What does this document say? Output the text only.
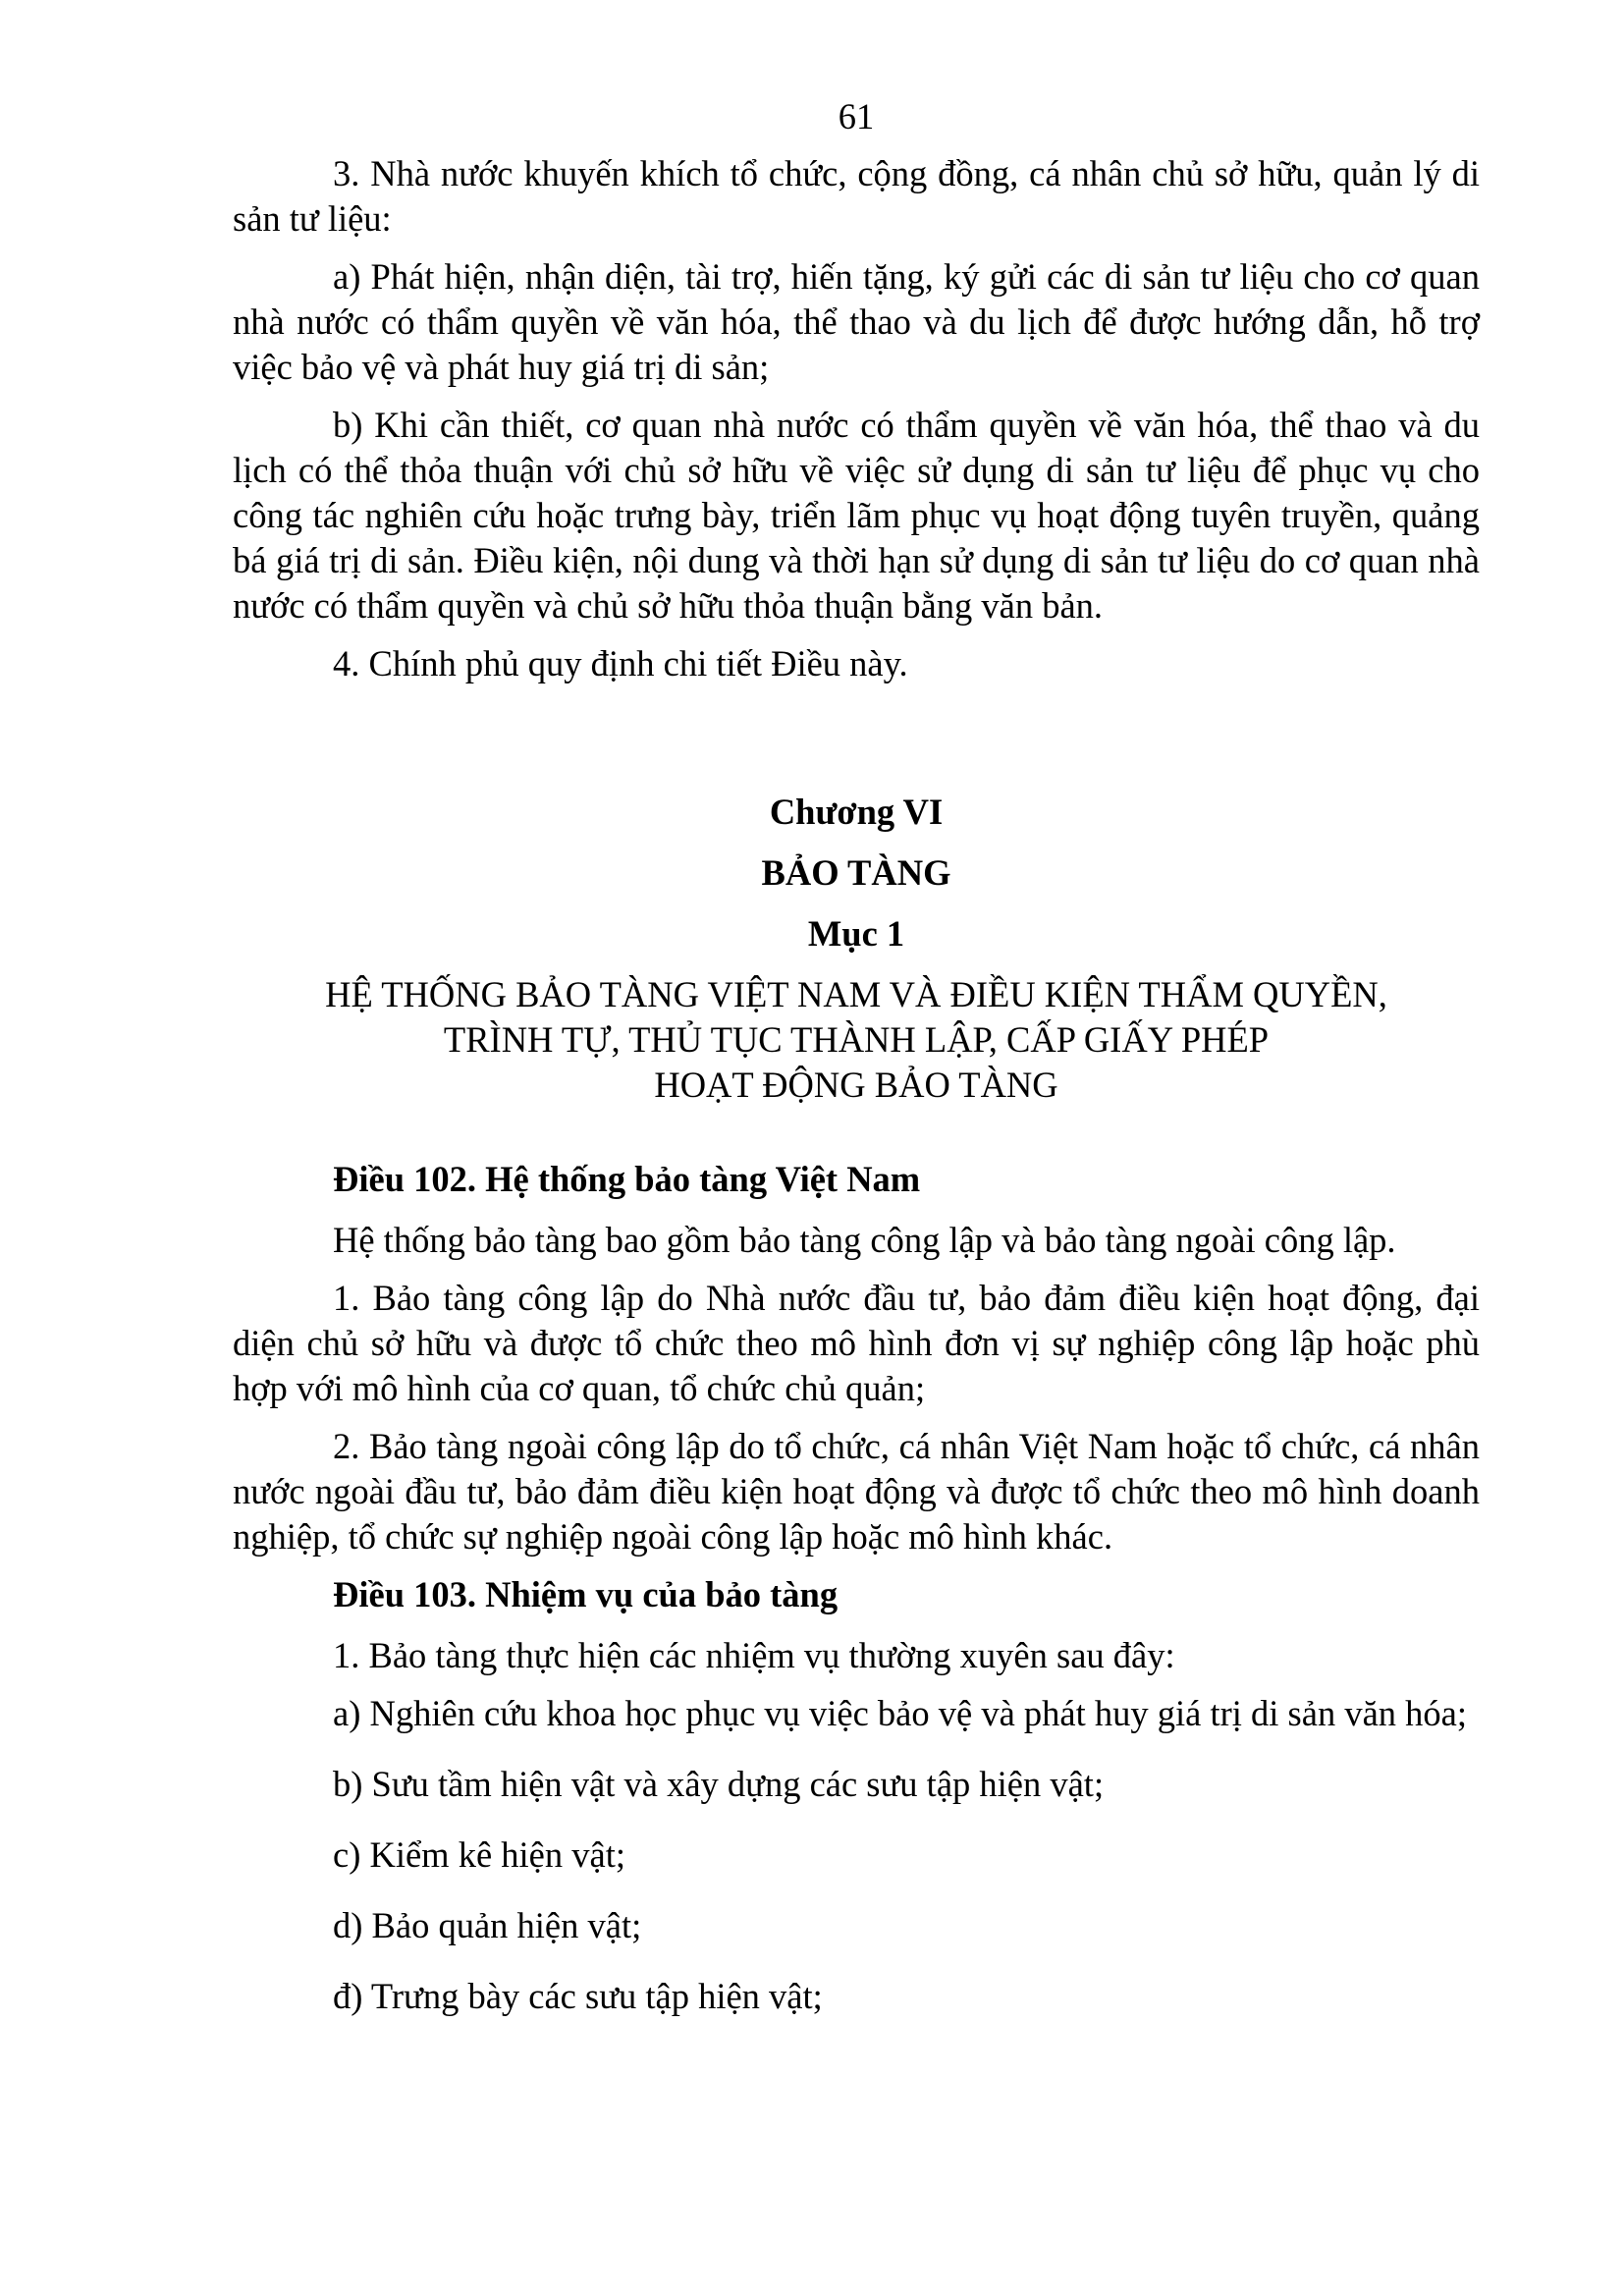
61

3. Nhà nước khuyến khích tổ chức, cộng đồng, cá nhân chủ sở hữu, quản lý di sản tư liệu:

a) Phát hiện, nhận diện, tài trợ, hiến tặng, ký gửi các di sản tư liệu cho cơ quan nhà nước có thẩm quyền về văn hóa, thể thao và du lịch để được hướng dẫn, hỗ trợ việc bảo vệ và phát huy giá trị di sản;

b) Khi cần thiết, cơ quan nhà nước có thẩm quyền về văn hóa, thể thao và du lịch có thể thỏa thuận với chủ sở hữu về việc sử dụng di sản tư liệu để phục vụ cho công tác nghiên cứu hoặc trưng bày, triển lãm phục vụ hoạt động tuyên truyền, quảng bá giá trị di sản. Điều kiện, nội dung và thời hạn sử dụng di sản tư liệu do cơ quan nhà nước có thẩm quyền và chủ sở hữu thỏa thuận bằng văn bản.

4. Chính phủ quy định chi tiết Điều này.

Chương VI
BẢO TÀNG
Mục 1
HỆ THỐNG BẢO TÀNG VIỆT NAM VÀ ĐIỀU KIỆN THẨM QUYỀN,
TRÌNH TỰ, THỦ TỤC THÀNH LẬP, CẤP GIẤY PHÉP
HOẠT ĐỘNG BẢO TÀNG

Điều 102. Hệ thống bảo tàng Việt Nam

Hệ thống bảo tàng bao gồm bảo tàng công lập và bảo tàng ngoài công lập.

1. Bảo tàng công lập do Nhà nước đầu tư, bảo đảm điều kiện hoạt động, đại diện chủ sở hữu và được tổ chức theo mô hình đơn vị sự nghiệp công lập hoặc phù hợp với mô hình của cơ quan, tổ chức chủ quản;

2. Bảo tàng ngoài công lập do tổ chức, cá nhân Việt Nam hoặc tổ chức, cá nhân nước ngoài đầu tư, bảo đảm điều kiện hoạt động và được tổ chức theo mô hình doanh nghiệp, tổ chức sự nghiệp ngoài công lập hoặc mô hình khác.

Điều 103. Nhiệm vụ của bảo tàng

1. Bảo tàng thực hiện các nhiệm vụ thường xuyên sau đây:

a) Nghiên cứu khoa học phục vụ việc bảo vệ và phát huy giá trị di sản văn hóa;

b) Sưu tầm hiện vật và xây dựng các sưu tập hiện vật;

c) Kiểm kê hiện vật;

d) Bảo quản hiện vật;

đ) Trưng bày các sưu tập hiện vật;
